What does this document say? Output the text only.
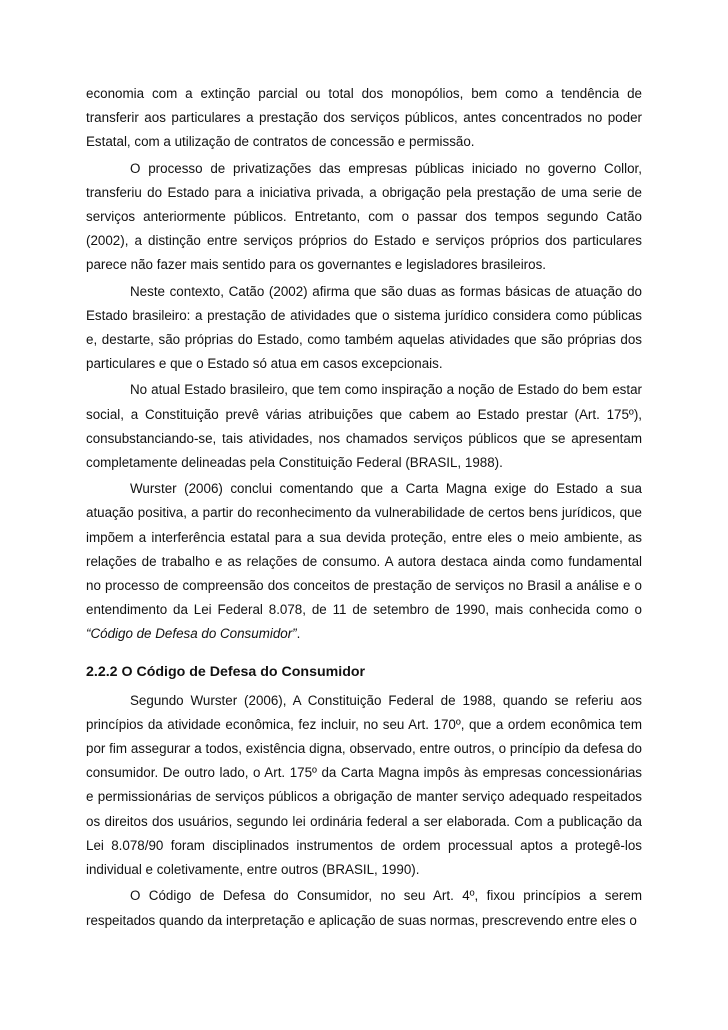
economia com a extinção parcial ou total dos monopólios, bem como a tendência de transferir aos particulares a prestação dos serviços públicos, antes concentrados no poder Estatal, com a utilização de contratos de concessão e permissão.

O processo de privatizações das empresas públicas iniciado no governo Collor, transferiu do Estado para a iniciativa privada, a obrigação pela prestação de uma serie de serviços anteriormente públicos. Entretanto, com o passar dos tempos segundo Catão (2002), a distinção entre serviços próprios do Estado e serviços próprios dos particulares parece não fazer mais sentido para os governantes e legisladores brasileiros.

Neste contexto, Catão (2002) afirma que são duas as formas básicas de atuação do Estado brasileiro: a prestação de atividades que o sistema jurídico considera como públicas e, destarte, são próprias do Estado, como também aquelas atividades que são próprias dos particulares e que o Estado só atua em casos excepcionais.

No atual Estado brasileiro, que tem como inspiração a noção de Estado do bem estar social, a Constituição prevê várias atribuições que cabem ao Estado prestar (Art. 175º), consubstanciando-se, tais atividades, nos chamados serviços públicos que se apresentam completamente delineadas pela Constituição Federal (BRASIL, 1988).

Wurster (2006) conclui comentando que a Carta Magna exige do Estado a sua atuação positiva, a partir do reconhecimento da vulnerabilidade de certos bens jurídicos, que impõem a interferência estatal para a sua devida proteção, entre eles o meio ambiente, as relações de trabalho e as relações de consumo. A autora destaca ainda como fundamental no processo de compreensão dos conceitos de prestação de serviços no Brasil a análise e o entendimento da Lei Federal 8.078, de 11 de setembro de 1990, mais conhecida como o “Código de Defesa do Consumidor”.

2.2.2 O Código de Defesa do Consumidor

Segundo Wurster (2006), A Constituição Federal de 1988, quando se referiu aos princípios da atividade econômica, fez incluir, no seu Art. 170º, que a ordem econômica tem por fim assegurar a todos, existência digna, observado, entre outros, o princípio da defesa do consumidor. De outro lado, o Art. 175º da Carta Magna impôs às empresas concessionárias e permissionárias de serviços públicos a obrigação de manter serviço adequado respeitados os direitos dos usuários, segundo lei ordinária federal a ser elaborada. Com a publicação da Lei 8.078/90 foram disciplinados instrumentos de ordem processual aptos a protegê-los individual e coletivamente, entre outros (BRASIL, 1990).

O Código de Defesa do Consumidor, no seu Art. 4º, fixou princípios a serem respeitados quando da interpretação e aplicação de suas normas, prescrevendo entre eles o
